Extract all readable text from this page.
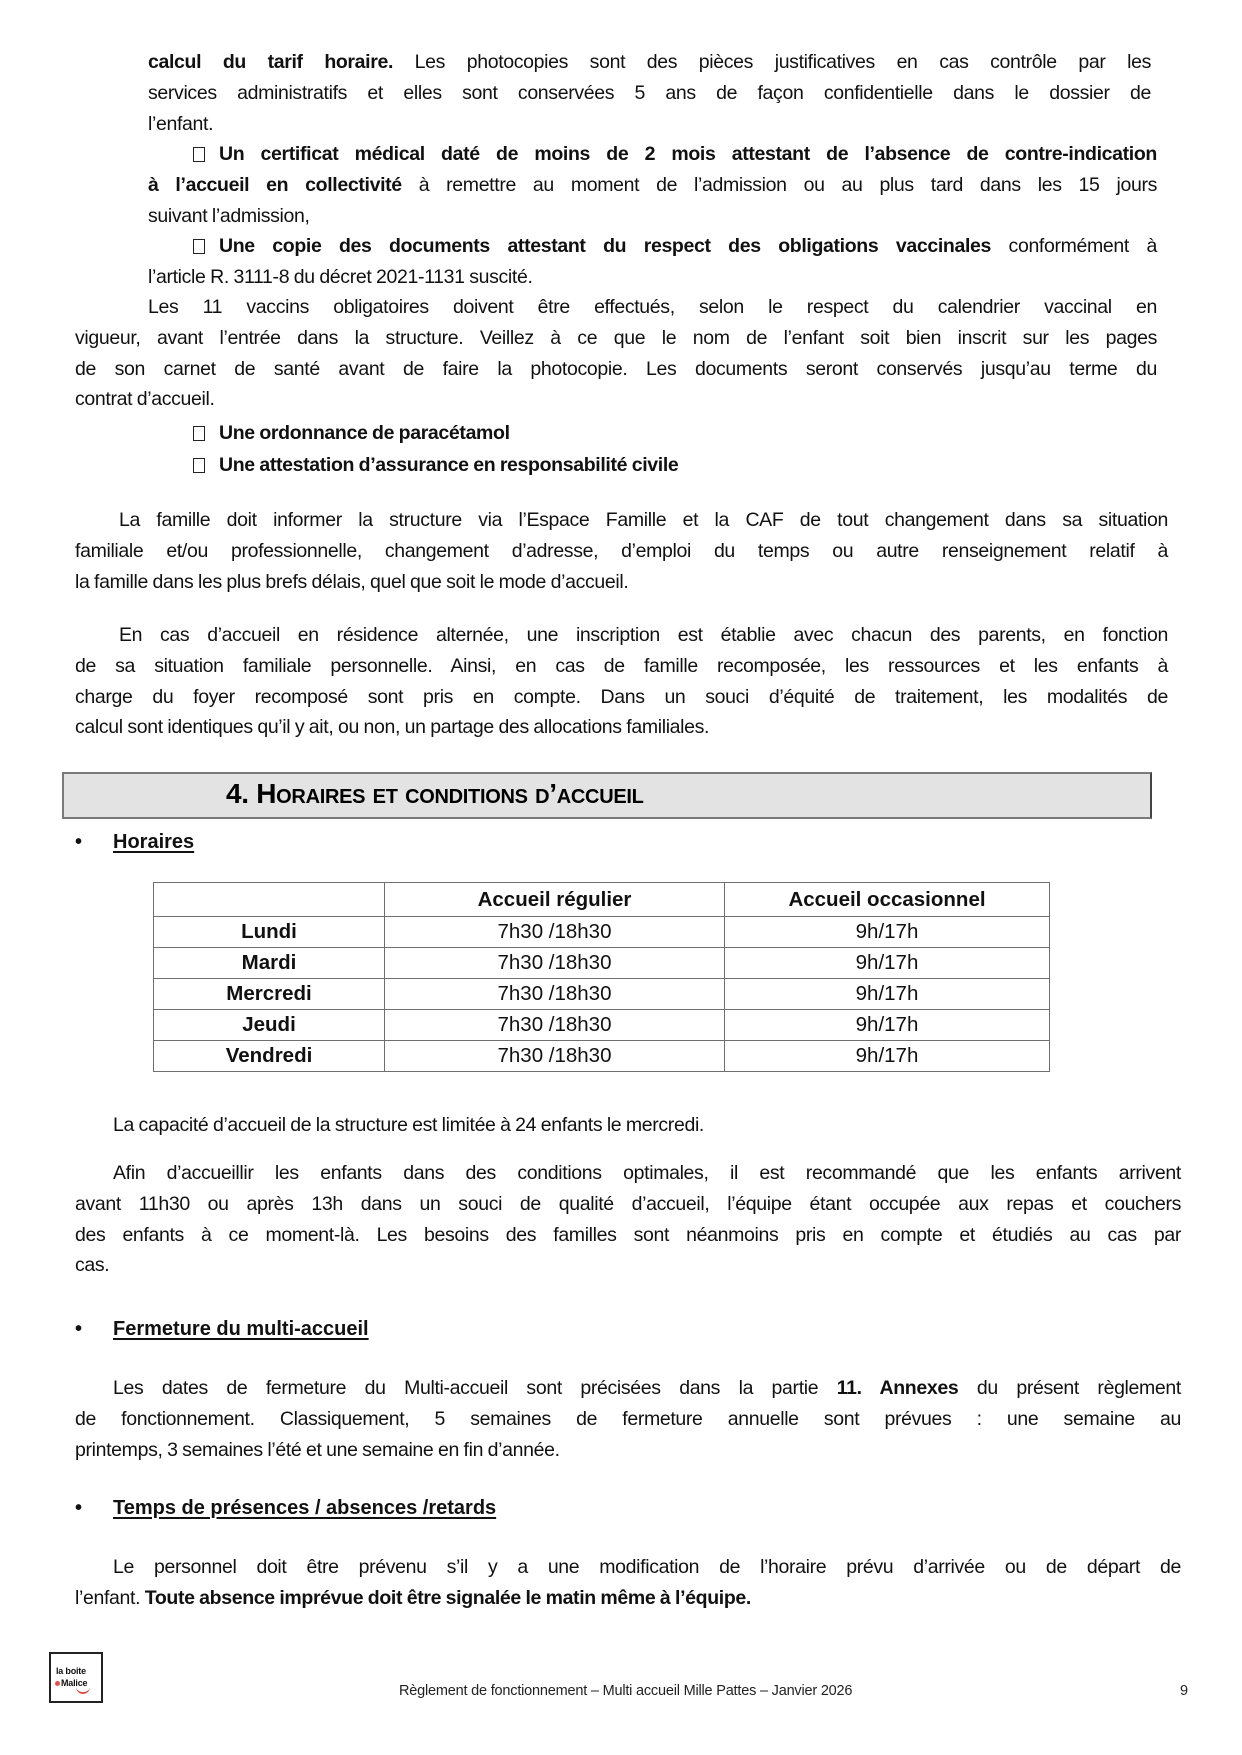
calcul du tarif horaire. Les photocopies sont des pièces justificatives en cas contrôle par les
services administratifs et elles sont conservées 5 ans de façon confidentielle dans le dossier de
l’enfant.
Un certificat médical daté de moins de 2 mois attestant de l’absence de contre-indication
à l’accueil en collectivité à remettre au moment de l’admission ou au plus tard dans les 15 jours
suivant l’admission,
Une copie des documents attestant du respect des obligations vaccinales conformément à
l’article R. 3111-8 du décret 2021-1131 suscité.
Les 11 vaccins obligatoires doivent être effectués, selon le respect du calendrier vaccinal en
vigueur, avant l’entrée dans la structure. Veillez à ce que le nom de l’enfant soit bien inscrit sur les pages
de son carnet de santé avant de faire la photocopie. Les documents seront conservés jusqu’au terme du
contrat d’accueil.
Une ordonnance de paracétamol
Une attestation d’assurance en responsabilité civile
La famille doit informer la structure via l’Espace Famille et la CAF de tout changement dans sa situation
familiale et/ou professionnelle, changement d’adresse, d’emploi du temps ou autre renseignement relatif à
la famille dans les plus brefs délais, quel que soit le mode d’accueil.
En cas d’accueil en résidence alternée, une inscription est établie avec chacun des parents, en fonction
de sa situation familiale personnelle. Ainsi, en cas de famille recomposée, les ressources et les enfants à
charge du foyer recomposé sont pris en compte. Dans un souci d’équité de traitement, les modalités de
calcul sont identiques qu’il y ait, ou non, un partage des allocations familiales.
4. Horaires et conditions d’accueil
• Horaires
	Accueil régulier	Accueil occasionnel
Lundi	7h30 /18h30	9h/17h
Mardi	7h30 /18h30	9h/17h
Mercredi	7h30 /18h30	9h/17h
Jeudi	7h30 /18h30	9h/17h
Vendredi	7h30 /18h30	9h/17h
La capacité d’accueil de la structure est limitée à 24 enfants le mercredi.
Afin d’accueillir les enfants dans des conditions optimales, il est recommandé que les enfants arrivent
avant 11h30 ou après 13h dans un souci de qualité d’accueil, l’équipe étant occupée aux repas et couchers
des enfants à ce moment-là. Les besoins des familles sont néanmoins pris en compte et étudiés au cas par
cas.
• Fermeture du multi-accueil
Les dates de fermeture du Multi-accueil sont précisées dans la partie 11. Annexes du présent règlement
de fonctionnement. Classiquement, 5 semaines de fermeture annuelle sont prévues : une semaine au
printemps, 3 semaines l’été et une semaine en fin d’année.
• Temps de présences / absences /retards
Le personnel doit être prévenu s’il y a une modification de l’horaire prévu d’arrivée ou de départ de
l’enfant. Toute absence imprévue doit être signalée le matin même à l’équipe.
la boite
Malice	Règlement de fonctionnement – Multi accueil Mille Pattes – Janvier 2026	9
